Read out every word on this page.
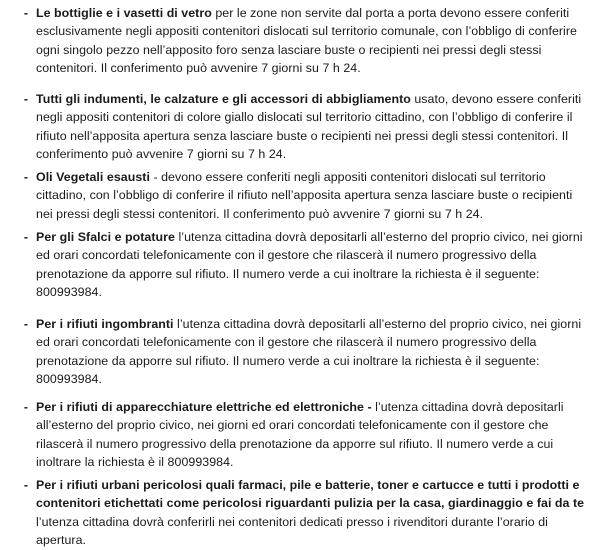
- Le bottiglie e i vasetti di vetro per le zone non servite dal porta a porta devono essere conferiti esclusivamente negli appositi contenitori dislocati sul territorio comunale, con l’obbligo di conferire ogni singolo pezzo nell’apposito foro senza lasciare buste o recipienti nei pressi degli stessi contenitori. Il conferimento può avvenire 7 giorni su 7 h 24.
- Tutti gli indumenti, le calzature e gli accessori di abbigliamento usato, devono essere conferiti negli appositi contenitori di colore giallo dislocati sul territorio cittadino, con l’obbligo di conferire il rifiuto nell’apposita apertura senza lasciare buste o recipienti nei pressi degli stessi contenitori. Il conferimento può avvenire 7 giorni su 7 h 24.
- Oli Vegetali esausti - devono essere conferiti negli appositi contenitori dislocati sul territorio cittadino, con l’obbligo di conferire il rifiuto nell’apposita apertura senza lasciare buste o recipienti nei pressi degli stessi contenitori. Il conferimento può avvenire 7 giorni su 7 h 24.
- Per gli Sfalci e potature l’utenza cittadina dovrà depositarli all’esterno del proprio civico, nei giorni ed orari concordati telefonicamente con il gestore che rilascerà il numero progressivo della prenotazione da apporre sul rifiuto. Il numero verde a cui inoltrare la richiesta è il seguente: 800993984.
- Per i rifiuti ingombranti l’utenza cittadina dovrà depositarli all’esterno del proprio civico, nei giorni ed orari concordati telefonicamente con il gestore che rilascerà il numero progressivo della prenotazione da apporre sul rifiuto. Il numero verde a cui inoltrare la richiesta è il seguente: 800993984.
- Per i rifiuti di apparecchiature elettriche ed elettroniche - l’utenza cittadina dovrà depositarli all’esterno del proprio civico, nei giorni ed orari concordati telefonicamente con il gestore che rilascerà il numero progressivo della prenotazione da apporre sul rifiuto. Il numero verde a cui inoltrare la richiesta è il 800993984.
- Per i rifiuti urbani pericolosi quali farmaci, pile e batterie, toner e cartucce e tutti i prodotti e contenitori etichettati come pericolosi riguardanti pulizia per la casa, giardinaggio e fai da te l’utenza cittadina dovrà conferirli nei contenitori dedicati presso i rivenditori durante l’orario di apertura.
